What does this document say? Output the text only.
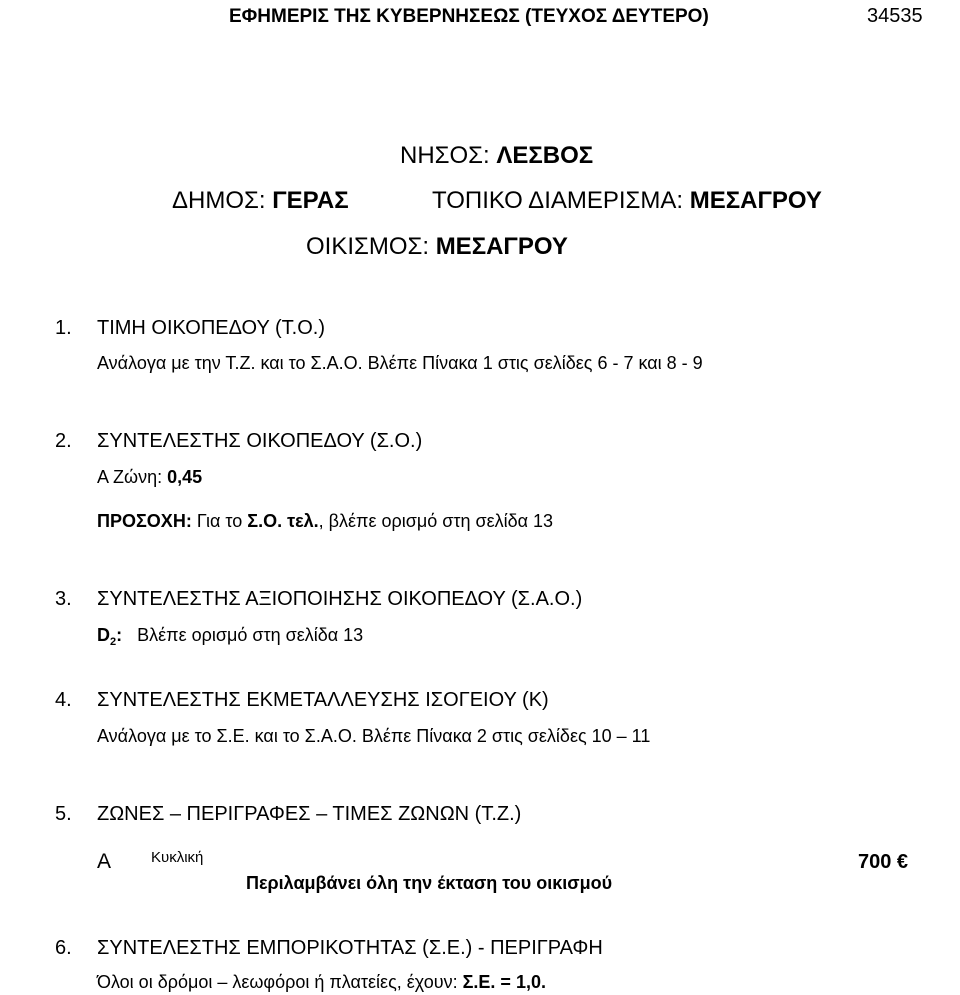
ΕΦΗΜΕΡΙΣ ΤΗΣ ΚΥΒΕΡΝΗΣΕΩΣ (ΤΕΥΧΟΣ ΔΕΥΤΕΡΟ)	34535
ΝΗΣΟΣ: ΛΕΣΒΟΣ
ΔΗΜΟΣ: ΓΕΡΑΣ	ΤΟΠΙΚΟ ΔΙΑΜΕΡΙΣΜΑ: ΜΕΣΑΓΡΟΥ
ΟΙΚΙΣΜΟΣ: ΜΕΣΑΓΡΟΥ
1. ΤΙΜΗ ΟΙΚΟΠΕΔΟΥ (Τ.Ο.)
Ανάλογα με την Τ.Ζ. και το Σ.Α.Ο. Βλέπε Πίνακα 1 στις σελίδες 6 - 7 και 8 - 9
2. ΣΥΝΤΕΛΕΣΤΗΣ ΟΙΚΟΠΕΔΟΥ (Σ.Ο.)
Α Ζώνη: 0,45
ΠΡΟΣΟΧΗ: Για το Σ.Ο. τελ., βλέπε ορισμό στη σελίδα 13
3. ΣΥΝΤΕΛΕΣΤΗΣ ΑΞΙΟΠΟΙΗΣΗΣ ΟΙΚΟΠΕΔΟΥ (Σ.Α.Ο.)
$D_2$: Βλέπε ορισμό στη σελίδα 13
4. ΣΥΝΤΕΛΕΣΤΗΣ ΕΚΜΕΤΑΛΛΕΥΣΗΣ ΙΣΟΓΕΙΟΥ (Κ)
Ανάλογα με το Σ.Ε. και το Σ.Α.Ο. Βλέπε Πίνακα 2 στις σελίδες 10 – 11
5. ΖΩΝΕΣ – ΠΕΡΙΓΡΑΦΕΣ – ΤΙΜΕΣ ΖΩΝΩΝ (Τ.Ζ.)
Α	Κυκλική
Περιλαμβάνει όλη την έκταση του οικισμού
700 €
6. ΣΥΝΤΕΛΕΣΤΗΣ ΕΜΠΟΡΙΚΟΤΗΤΑΣ (Σ.Ε.) - ΠΕΡΙΓΡΑΦΗ
Όλοι οι δρόμοι – λεωφόροι ή πλατείες, έχουν: Σ.Ε. = 1,0.
